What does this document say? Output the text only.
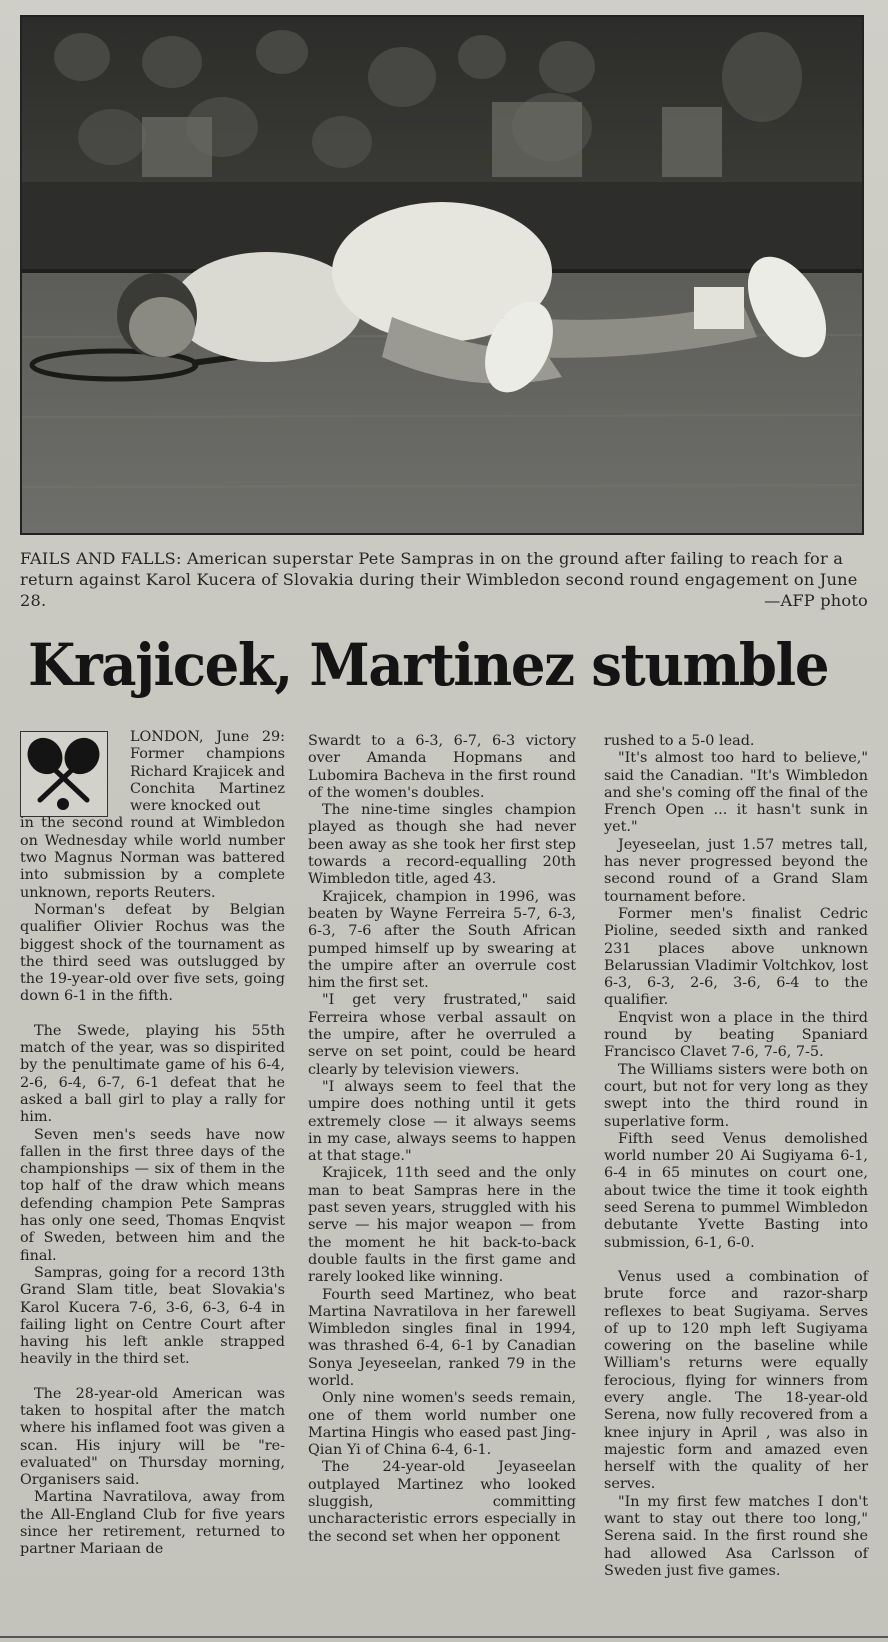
FAILS AND FALLS: American superstar Pete Sampras in on the ground after failing to reach for a return against Karol Kucera of Slovakia during their Wimbledon second round engagement on June 28.	—AFP photo
Krajicek, Martinez stumble

LONDON, June 29: Former champions Richard Krajicek and Conchita Martinez were knocked out

in the second round at Wimbledon on Wednesday while world number two Magnus Norman was battered into submission by a complete unknown, reports Reuters.

Norman's defeat by Belgian qualifier Olivier Rochus was the biggest shock of the tournament as the third seed was outslugged by the 19-year-old over five sets, going down 6-1 in the fifth.

The Swede, playing his 55th match of the year, was so dispirited by the penultimate game of his 6-4, 2-6, 6-4, 6-7, 6-1 defeat that he asked a ball girl to play a rally for him.

Seven men's seeds have now fallen in the first three days of the championships — six of them in the top half of the draw which means defending champion Pete Sampras has only one seed, Thomas Enqvist of Sweden, between him and the final.

Sampras, going for a record 13th Grand Slam title, beat Slovakia's Karol Kucera 7-6, 3-6, 6-3, 6-4 in failing light on Centre Court after having his left ankle strapped heavily in the third set.

The 28-year-old American was taken to hospital after the match where his inflamed foot was given a scan. His injury will be "re-evaluated" on Thursday morning, Organisers said.

Martina Navratilova, away from the All-England Club for five years since her retirement, returned to partner Mariaan de

Swardt to a 6-3, 6-7, 6-3 victory over Amanda Hopmans and Lubomira Bacheva in the first round of the women's doubles.

The nine-time singles champion played as though she had never been away as she took her first step towards a record-equalling 20th Wimbledon title, aged 43.

Krajicek, champion in 1996, was beaten by Wayne Ferreira 5-7, 6-3, 6-3, 7-6 after the South African pumped himself up by swearing at the umpire after an overrule cost him the first set.

"I get very frustrated," said Ferreira whose verbal assault on the umpire, after he overruled a serve on set point, could be heard clearly by television viewers.

"I always seem to feel that the umpire does nothing until it gets extremely close — it always seems in my case, always seems to happen at that stage."

Krajicek, 11th seed and the only man to beat Sampras here in the past seven years, struggled with his serve — his major weapon — from the moment he hit back-to-back double faults in the first game and rarely looked like winning.

Fourth seed Martinez, who beat Martina Navratilova in her farewell Wimbledon singles final in 1994, was thrashed 6-4, 6-1 by Canadian Sonya Jeyeseelan, ranked 79 in the world.

Only nine women's seeds remain, one of them world number one Martina Hingis who eased past Jing-Qian Yi of China 6-4, 6-1.

The 24-year-old Jeyaseelan outplayed Martinez who looked sluggish, committing uncharacteristic errors especially in the second set when her opponent

rushed to a 5-0 lead.

"It's almost too hard to believe," said the Canadian. "It's Wimbledon and she's coming off the final of the French Open ... it hasn't sunk in yet."

Jeyeseelan, just 1.57 metres tall, has never progressed beyond the second round of a Grand Slam tournament before.

Former men's finalist Cedric Pioline, seeded sixth and ranked 231 places above unknown Belarussian Vladimir Voltchkov, lost 6-3, 6-3, 2-6, 3-6, 6-4 to the qualifier.

Enqvist won a place in the third round by beating Spaniard Francisco Clavet 7-6, 7-6, 7-5.

The Williams sisters were both on court, but not for very long as they swept into the third round in superlative form.

Fifth seed Venus demolished world number 20 Ai Sugiyama 6-1, 6-4 in 65 minutes on court one, about twice the time it took eighth seed Serena to pummel Wimbledon debutante Yvette Basting into submission, 6-1, 6-0.

Venus used a combination of brute force and razor-sharp reflexes to beat Sugiyama. Serves of up to 120 mph left Sugiyama cowering on the baseline while William's returns were equally ferocious, flying for winners from every angle. The 18-year-old Serena, now fully recovered from a knee injury in April , was also in majestic form and amazed even herself with the quality of her serves.

"In my first few matches I don't want to stay out there too long," Serena said. In the first round she had allowed Asa Carlsson of Sweden just five games.
